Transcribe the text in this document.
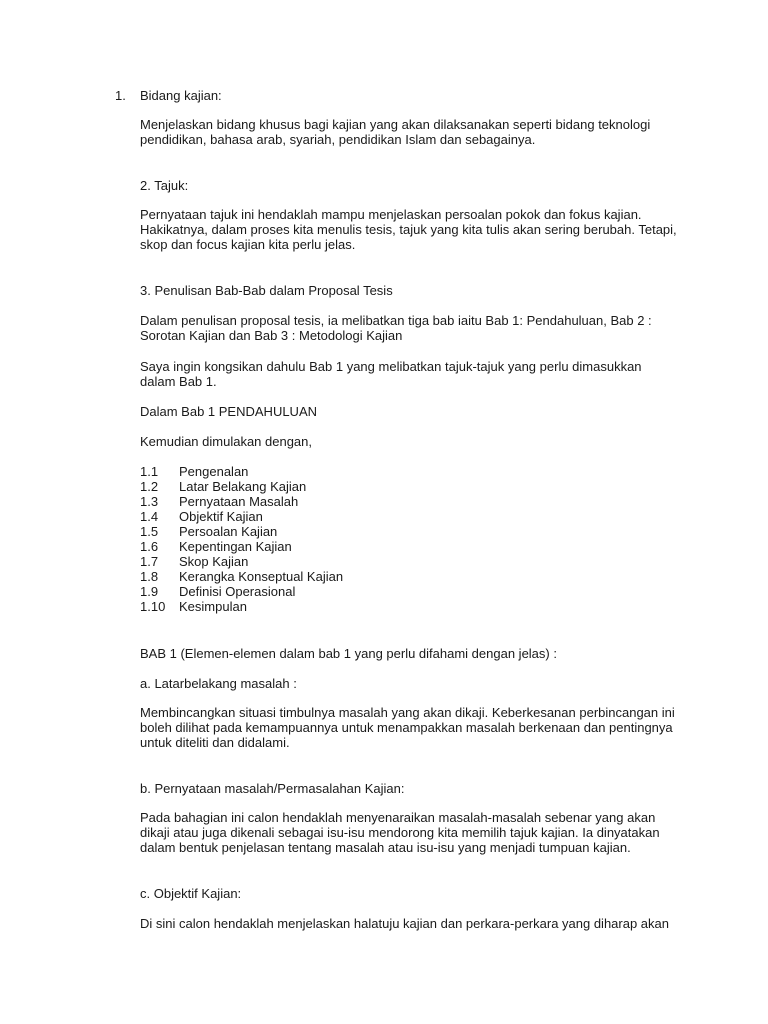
1. Bidang kajian:

Menjelaskan bidang khusus bagi kajian yang akan dilaksanakan seperti bidang teknologi pendidikan, bahasa arab, syariah, pendidikan Islam dan sebagainya.

2. Tajuk:

Pernyataan tajuk ini hendaklah mampu menjelaskan persoalan pokok dan fokus kajian. Hakikatnya, dalam proses kita menulis tesis, tajuk yang kita tulis akan sering berubah. Tetapi, skop dan focus kajian kita perlu jelas.

3. Penulisan Bab-Bab dalam Proposal Tesis

Dalam penulisan proposal tesis, ia melibatkan tiga bab iaitu Bab 1: Pendahuluan, Bab 2 : Sorotan Kajian dan Bab 3 : Metodologi Kajian

Saya ingin kongsikan dahulu Bab 1 yang melibatkan tajuk-tajuk yang perlu dimasukkan dalam Bab 1.

Dalam Bab 1 PENDAHULUAN

Kemudian dimulakan dengan,

1.1 Pengenalan
1.2 Latar Belakang Kajian
1.3 Pernyataan Masalah
1.4 Objektif Kajian
1.5 Persoalan Kajian
1.6 Kepentingan Kajian
1.7 Skop Kajian
1.8 Kerangka Konseptual Kajian
1.9 Definisi Operasional
1.10 Kesimpulan

BAB 1 (Elemen-elemen dalam bab 1 yang perlu difahami dengan jelas) :

a. Latarbelakang masalah :

Membincangkan situasi timbulnya masalah yang akan dikaji. Keberkesanan perbincangan ini boleh dilihat pada kemampuannya untuk menampakkan masalah berkenaan dan pentingnya untuk diteliti dan didalami.

b. Pernyataan masalah/Permasalahan Kajian:

Pada bahagian ini calon hendaklah menyenaraikan masalah-masalah sebenar yang akan dikaji atau juga dikenali sebagai isu-isu mendorong kita memilih tajuk kajian. Ia dinyatakan dalam bentuk penjelasan tentang masalah atau isu-isu yang menjadi tumpuan kajian.

c. Objektif Kajian:

Di sini calon hendaklah menjelaskan halatuju kajian dan perkara-perkara yang diharap akan
